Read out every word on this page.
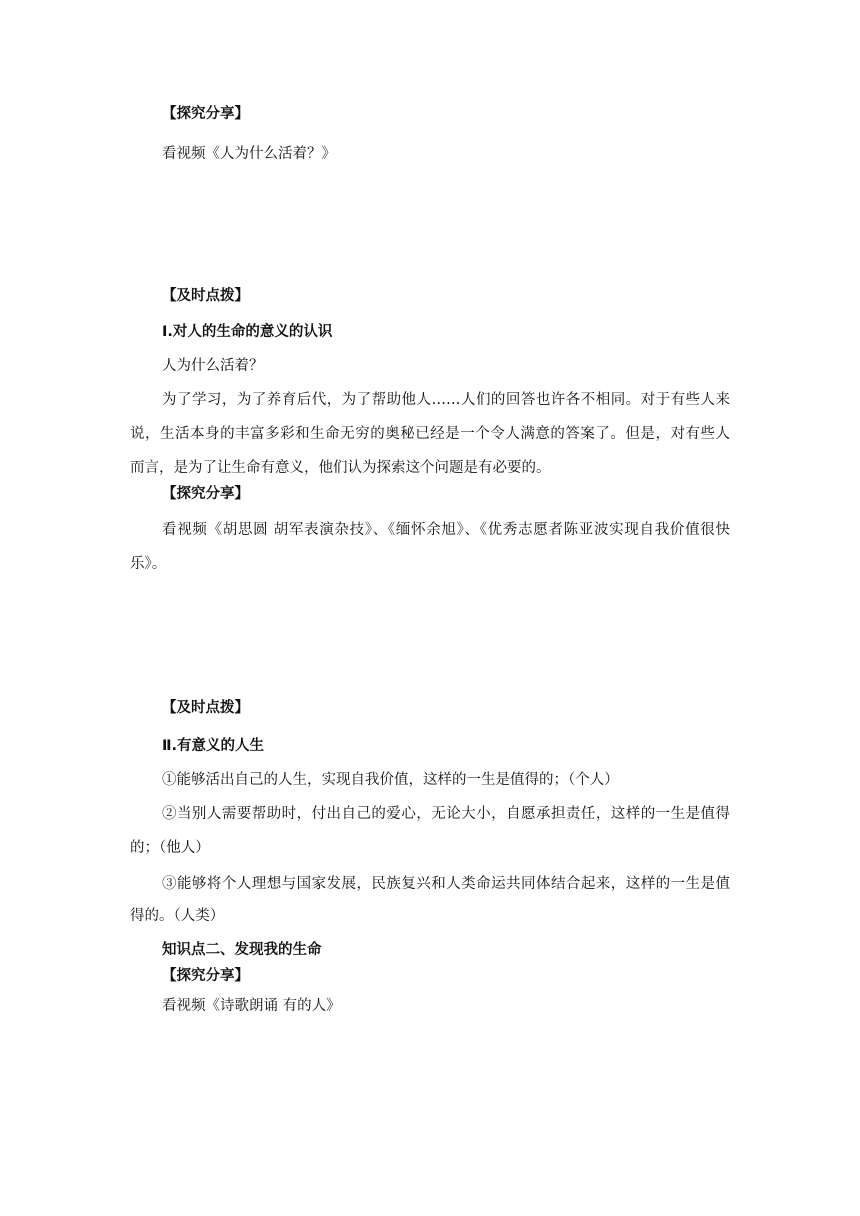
【探究分享】
看视频《人为什么活着？》
【及时点拨】
Ⅰ.对人的生命的意义的认识
人为什么活着？
为了学习，为了养育后代，为了帮助他人……人们的回答也许各不相同。对于有些人来
说，生活本身的丰富多彩和生命无穷的奥秘已经是一个令人满意的答案了。但是，对有些人
而言，是为了让生命有意义，他们认为探索这个问题是有必要的。
【探究分享】
看视频《胡思圆 胡军表演杂技》、《缅怀余旭》、《优秀志愿者陈亚波实现自我价值很快
乐》。
【及时点拨】
Ⅱ.有意义的人生
①能够活出自己的人生，实现自我价值，这样的一生是值得的；（个人）
②当别人需要帮助时，付出自己的爱心，无论大小，自愿承担责任，这样的一生是值得
的；（他人）
③能够将个人理想与国家发展，民族复兴和人类命运共同体结合起来，这样的一生是值
得的。（人类）
知识点二、发现我的生命
【探究分享】
看视频《诗歌朗诵 有的人》
